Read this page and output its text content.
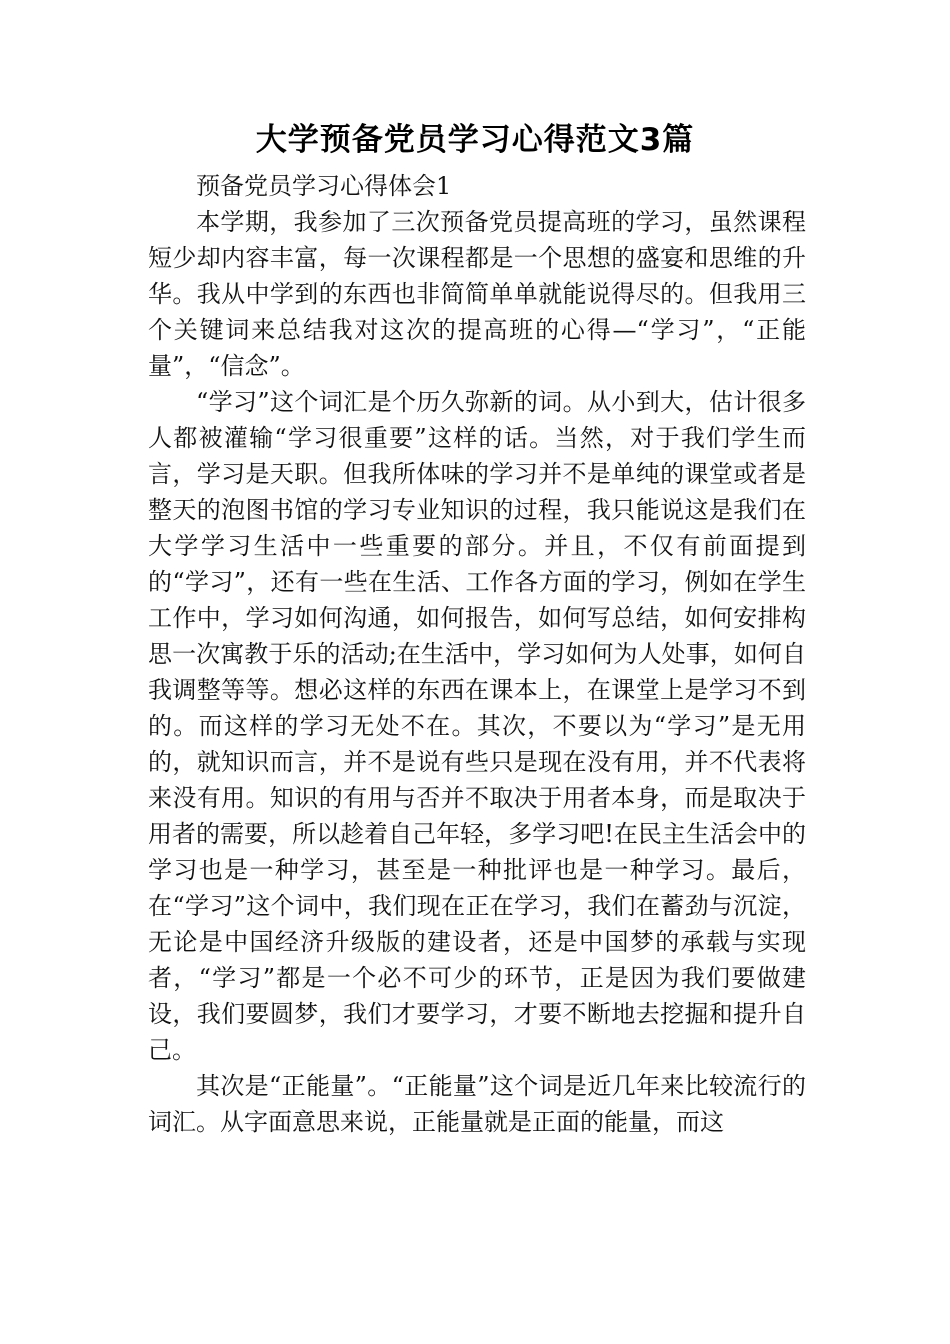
大学预备党员学习心得范文3篇

预备党员学习心得体会1

本学期，我参加了三次预备党员提高班的学习，虽然课程短少却内容丰富，每一次课程都是一个思想的盛宴和思维的升华。我从中学到的东西也非简简单单就能说得尽的。但我用三个关键词来总结我对这次的提高班的心得—“学习”，“正能量”，“信念”。

“学习”这个词汇是个历久弥新的词。从小到大，估计很多人都被灌输“学习很重要”这样的话。当然，对于我们学生而言，学习是天职。但我所体味的学习并不是单纯的课堂或者是整天的泡图书馆的学习专业知识的过程，我只能说这是我们在大学学习生活中一些重要的部分。并且，不仅有前面提到的“学习”，还有一些在生活、工作各方面的学习，例如在学生工作中，学习如何沟通，如何报告，如何写总结，如何安排构思一次寓教于乐的活动;在生活中，学习如何为人处事，如何自我调整等等。想必这样的东西在课本上，在课堂上是学习不到的。而这样的学习无处不在。其次，不要以为“学习”是无用的，就知识而言，并不是说有些只是现在没有用，并不代表将来没有用。知识的有用与否并不取决于用者本身，而是取决于用者的需要，所以趁着自己年轻，多学习吧!在民主生活会中的学习也是一种学习，甚至是一种批评也是一种学习。最后，在“学习”这个词中，我们现在正在学习，我们在蓄劲与沉淀，无论是中国经济升级版的建设者，还是中国梦的承载与实现者，“学习”都是一个必不可少的环节，正是因为我们要做建设，我们要圆梦，我们才要学习，才要不断地去挖掘和提升自己。

其次是“正能量”。“正能量”这个词是近几年来比较流行的词汇。从字面意思来说，正能量就是正面的能量，而这
